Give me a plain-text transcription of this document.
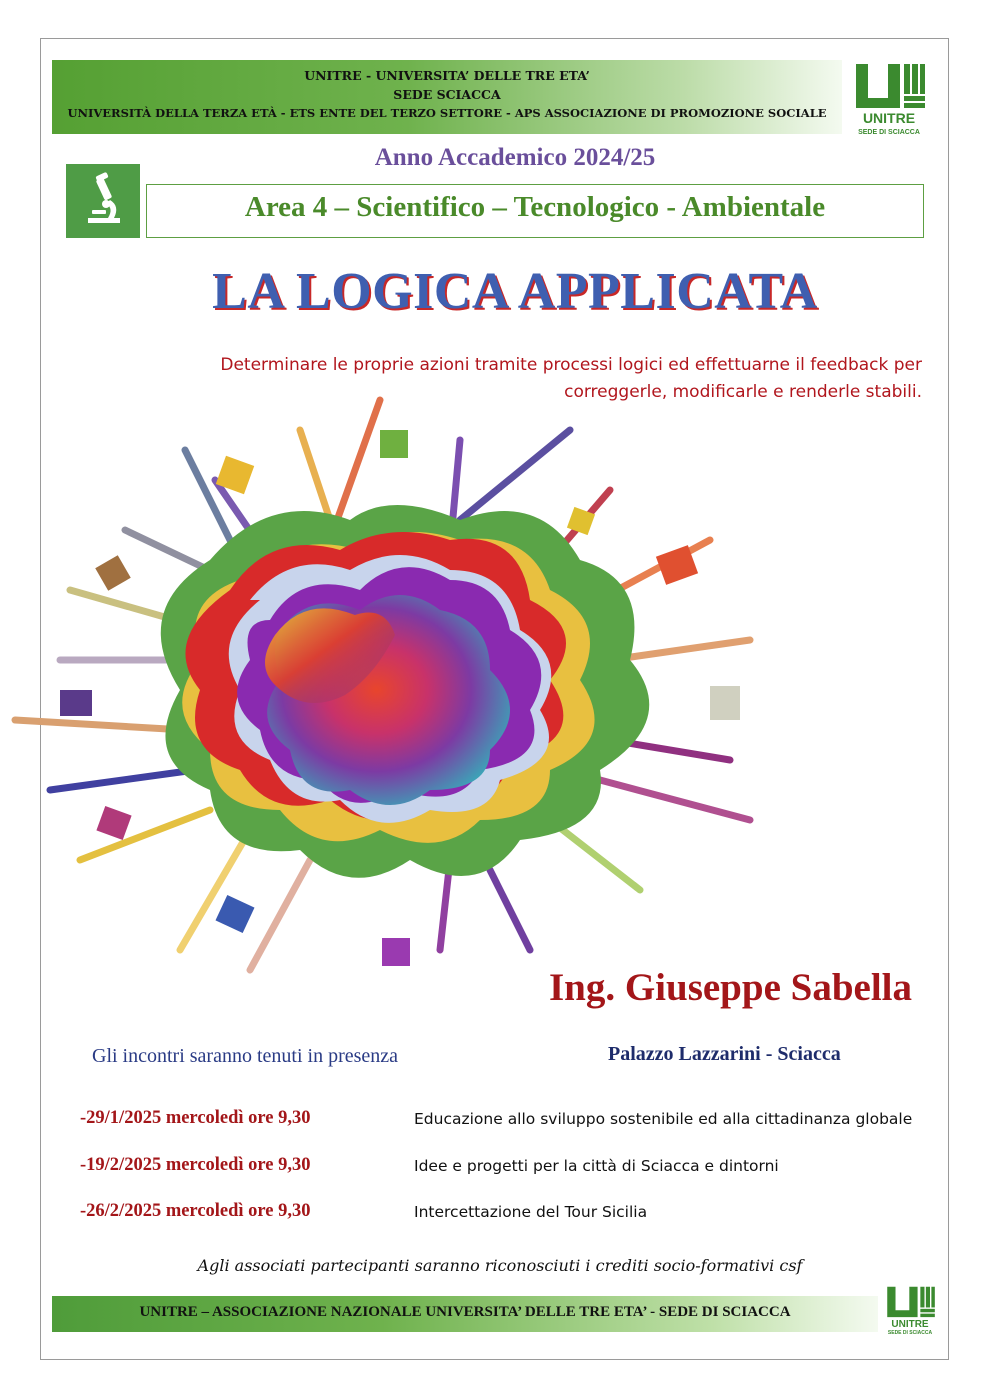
UNITRE - UNIVERSITA’ DELLE TRE ETA’
SEDE SCIACCA
UNIVERSITÀ DELLA TERZA ETÀ - ETS ENTE DEL TERZO SETTORE - APS ASSOCIAZIONE DI PROMOZIONE SOCIALE	UNITRE
SEDE DI SCIACCA
Anno Accademico 2024/25
Area 4 – Scientifico – Tecnologico - Ambientale
LA LOGICA APPLICATA
Determinare le proprie azioni tramite processi logici ed effettuarne il feedback per
correggerle, modificarle e renderle stabili.
Ing. Giuseppe Sabella
Gli incontri saranno tenuti in presenza	Palazzo Lazzarini - Sciacca
-29/1/2025 mercoledì ore 9,30	Educazione allo sviluppo sostenibile ed alla cittadinanza globale
-19/2/2025 mercoledì ore 9,30	Idee e progetti per la città di Sciacca e dintorni
-26/2/2025 mercoledì ore 9,30	Intercettazione del Tour Sicilia
Agli associati partecipanti saranno riconosciuti i crediti socio-formativi csf
UNITRE – ASSOCIAZIONE NAZIONALE UNIVERSITA’ DELLE TRE ETA’ - SEDE DI SCIACCA
UNITRE
SEDE DI SCIACCA
